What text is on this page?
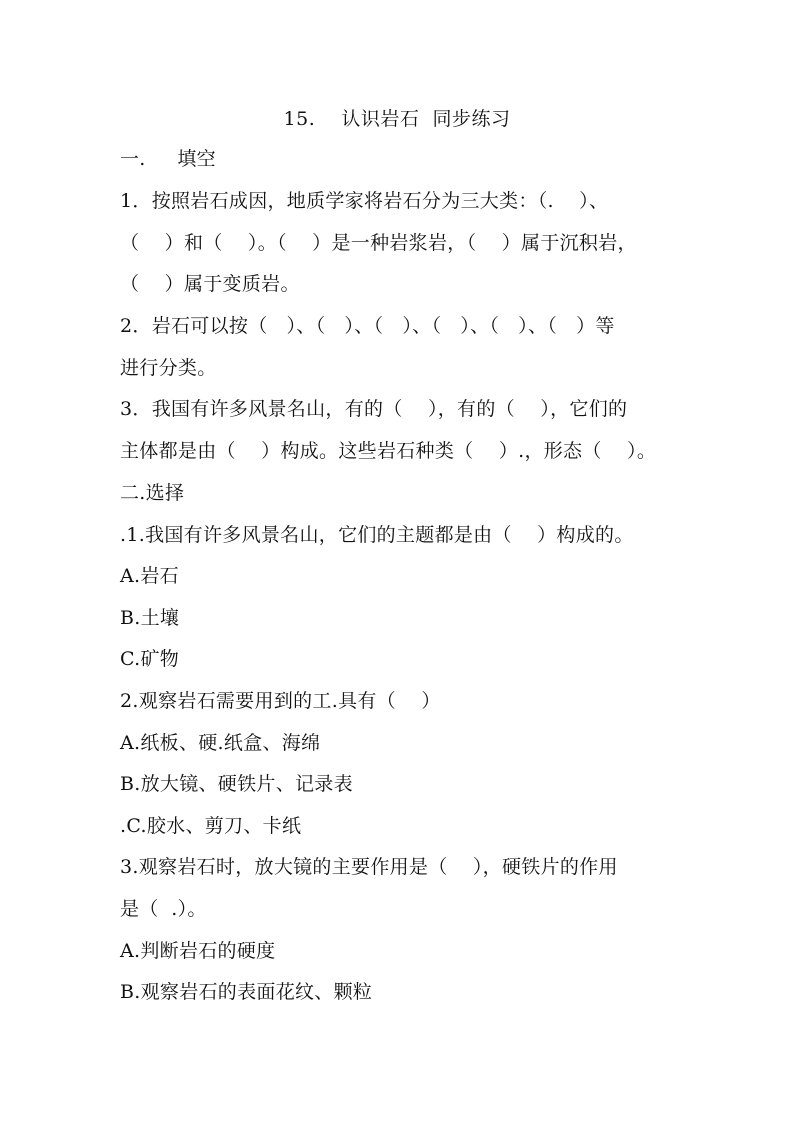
15.    认识岩石  同步练习
一.     填空
1．按照岩石成因，地质学家将岩石分为三大类：（.    ）、
（    ）和（    ）。（    ）是一种岩浆岩，（    ）属于沉积岩，
（    ）属于变质岩。
2．岩石可以按（   ）、（   ）、（   ）、（   ）、（   ）、（   ）等
进行分类。
3．我国有许多风景名山，有的（    ），有的（    ），它们的
主体都是由（    ）构成。这些岩石种类（    ）.，形态（    ）。
二.选择
.1.我国有许多风景名山，它们的主题都是由（    ）构成的。
A.岩石
B.土壤
C.矿物
2.观察岩石需要用到的工.具有（    ）
A.纸板、硬.纸盒、海绵
B.放大镜、硬铁片、记录表
.C.胶水、剪刀、卡纸
3.观察岩石时，放大镜的主要作用是（    ），硬铁片的作用
是（  .）。
A.判断岩石的硬度
B.观察岩石的表面花纹、颗粒
